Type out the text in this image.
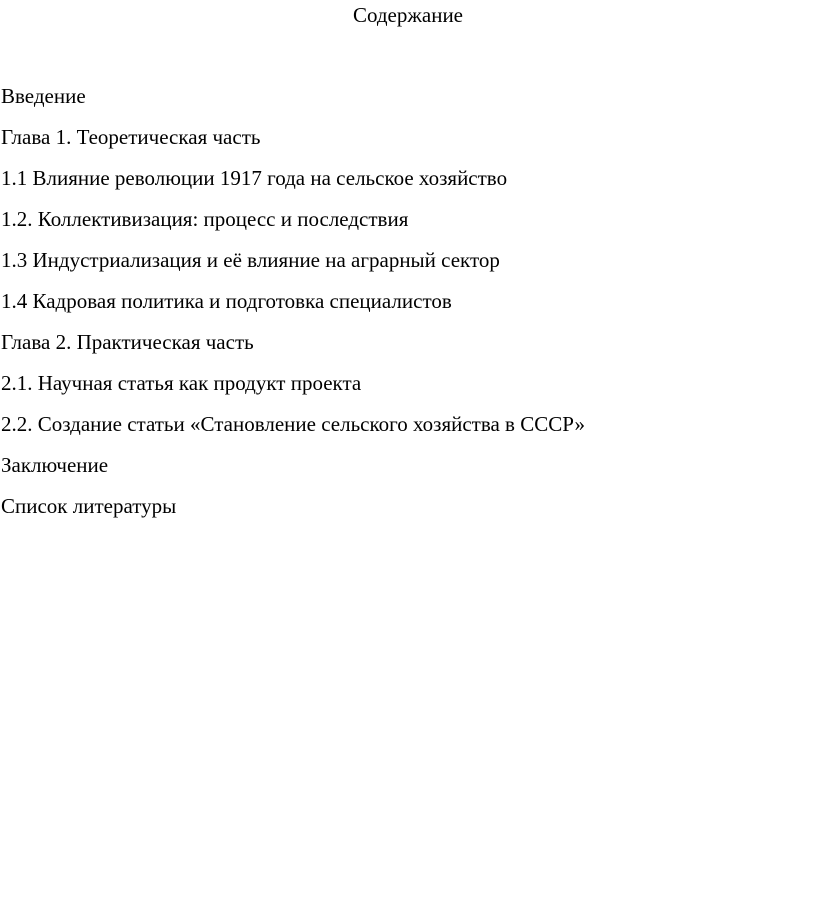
Содержание
Введение
Глава 1. Теоретическая часть
1.1 Влияние революции 1917 года на сельское хозяйство
1.2. Коллективизация: процесс и последствия
1.3 Индустриализация и её влияние на аграрный сектор
1.4 Кадровая политика и подготовка специалистов
Глава 2. Практическая часть
2.1. Научная статья как продукт проекта
2.2. Создание статьи «Становление сельского хозяйства в СССР»
Заключение
Список литературы
